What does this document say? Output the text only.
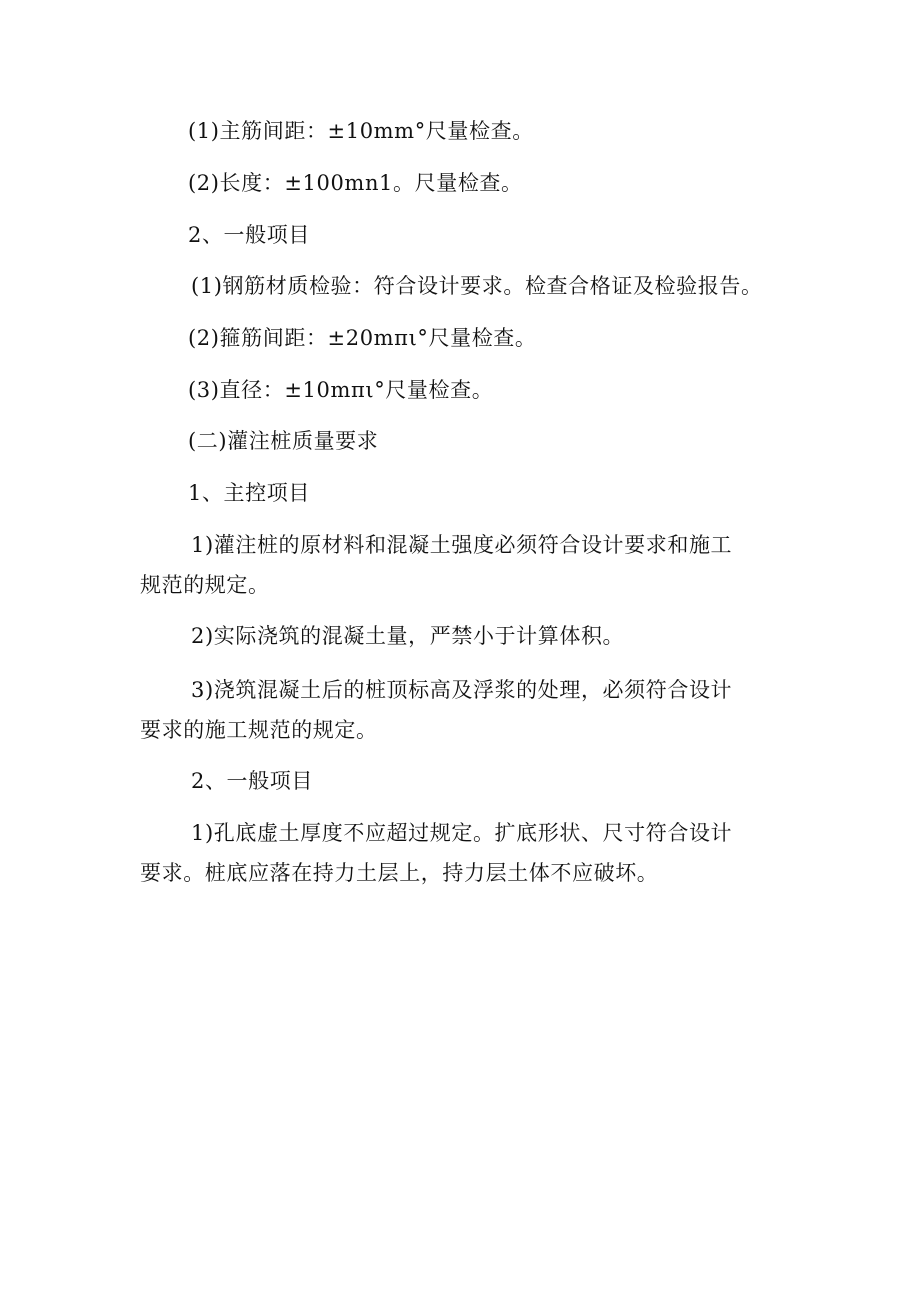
(1)主筋间距：±10mm°尺量检查。
(2)长度：±100mn1。尺量检查。
2、一般项目
(1)钢筋材质检验：符合设计要求。检查合格证及检验报告。
(2)箍筋间距：±20mπι°尺量检查。
(3)直径：±10mπι°尺量检查。
(二)灌注桩质量要求
1、主控项目
1)灌注桩的原材料和混凝土强度必须符合设计要求和施工
规范的规定。
2)实际浇筑的混凝土量，严禁小于计算体积。
3)浇筑混凝土后的桩顶标高及浮浆的处理，必须符合设计
要求的施工规范的规定。
2、一般项目
1)孔底虚土厚度不应超过规定。扩底形状、尺寸符合设计
要求。桩底应落在持力土层上，持力层土体不应破坏。
